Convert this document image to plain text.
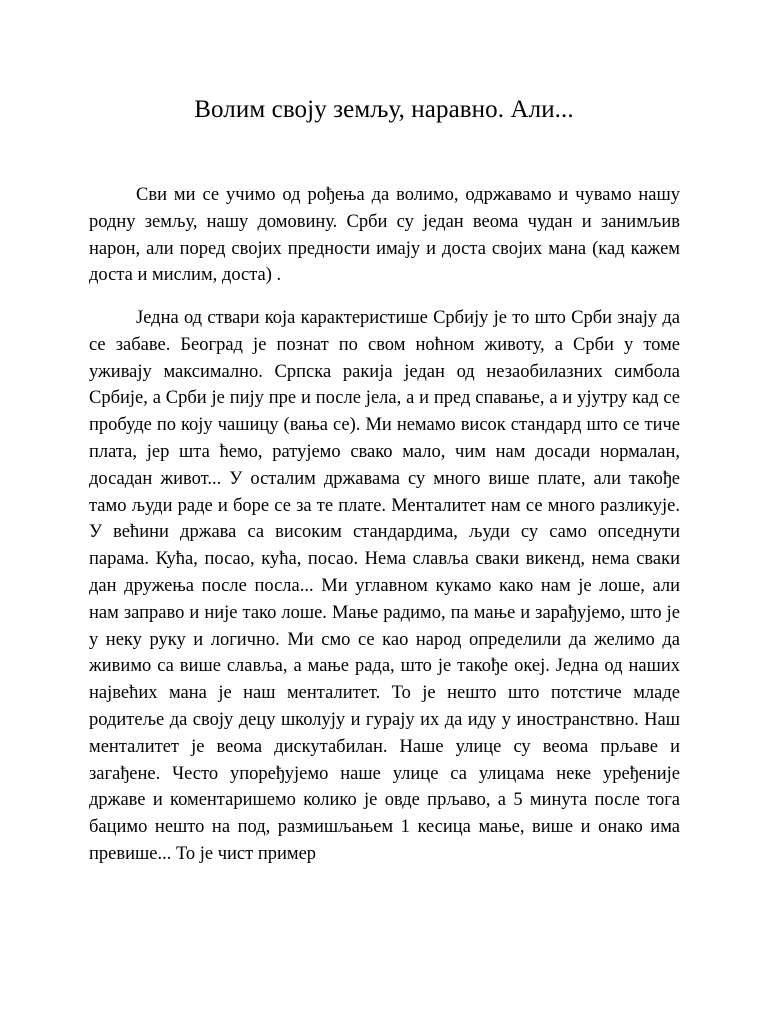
Волим своју земљу, наравно. Али...

Сви ми се учимо од рођења да волимо, одржавамо и чувамо нашу родну земљу, нашу домовину. Срби су један веома чудан и занимљив нарон, али поред својих предности имају и доста својих мана (кад кажем доста и мислим, доста) .

Једна од ствари која карактеристише Србију је то што Срби знају да се забаве. Београд је познат по свом ноћном животу, а Срби у томе уживају максимално. Српска ракија један од незаобилазних симбола Србије, а Срби је пију пре и после јела, а и пред спавање, а и ујутру кад се пробуде по коју чашицу (вања се). Ми немамо висок стандард што се тиче плата, јер шта ћемо, ратујемо свако мало, чим нам досади нормалан, досадан живот... У осталим државама су много више плате, али такође тамо људи раде и боре се за те плате. Менталитет нам се много разликује. У већини држава са високим стандардима, људи су само опседнути парама. Кућа, посао, кућа, посао. Нема славља сваки викенд, нема сваки дан дружења после посла... Ми углавном кукамо како нам је лоше, али нам заправо и није тако лоше. Мање радимо, па мање и зарађујемо, што је у неку руку и логично. Ми смо се као народ определили да желимо да живимо са више славља, а мање рада, што је такође океј. Једна од наших највећих мана је наш менталитет. То је нешто што потстиче младе родитеље да своју децу школују и гурају их да иду у иностранствно. Наш менталитет је веома дискутабилан. Наше улице су веома прљаве и загађене. Често упоређујемо наше улице са улицама неке уређеније државе и коментаришемо колико је овде прљаво, а 5 минута после тога бацимо нешто на под, размишљањем 1 кесица мање, више и онако има превише... То је чист пример
